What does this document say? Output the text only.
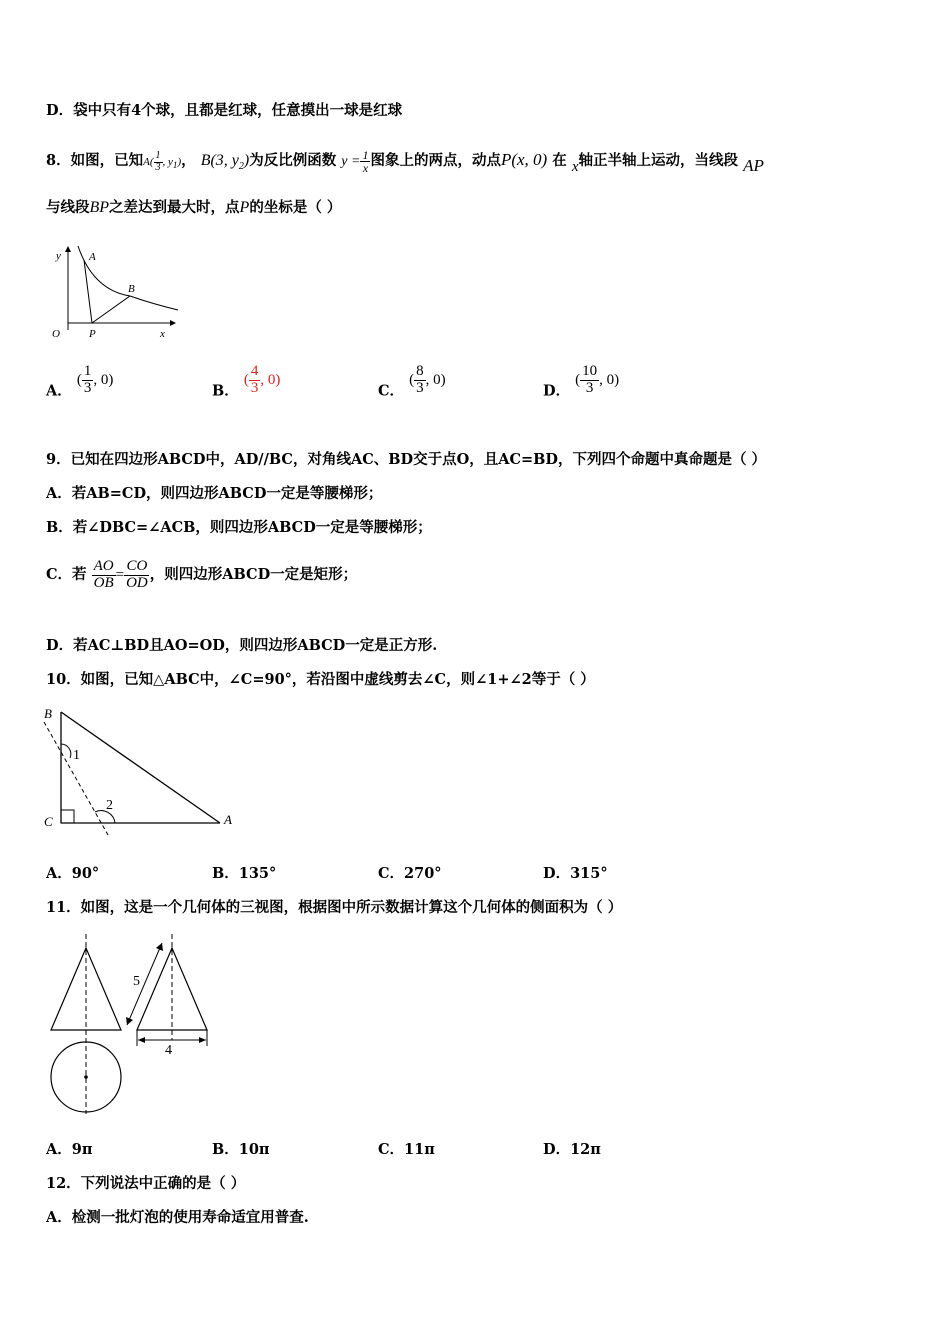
D．袋中只有4个球，且都是红球，任意摸出一球是红球
8．如图，已知$A( \frac{1}{3}$ , $y_1$)， B(3, $y_2$)为反比例函数 $y = \frac{1}{x}$ 图象上的两点，动点P(x, 0) 在 x轴正半轴上运动，当线段 AP
与线段BP之差达到最大时，点P的坐标是（ ）
y	A
B
O	P	x
A． ( $\frac{1}{3}$ , 0)
B． ( $\frac{4}{3}$ , 0)
C． ( $\frac{8}{3}$ , 0)
D． ( $\frac{10}{3}$ , 0)
9．已知在四边形ABCD中，AD//BC，对角线AC、BD交于点O，且AC=BD，下列四个命题中真命题是（ ）
A．若AB=CD，则四边形ABCD一定是等腰梯形；
B．若∠DBC=∠ACB，则四边形ABCD一定是等腰梯形；
C．若 $\frac{AO}{OB} = \frac{CO}{OD}$ ，则四边形ABCD一定是矩形；
D．若AC⊥BD且AO=OD，则四边形ABCD一定是正方形.
10．如图，已知△ABC中，∠C=90°，若沿图中虚线剪去∠C，则∠1+∠2等于（ ）
B
C	A
1
2
A．90°	B．135°	C．270°	D．315°
11．如图，这是一个几何体的三视图，根据图中所示数据计算这个几何体的侧面积为（ ）
5
4
A．9π	B．10π	C．11π	D．12π
12．下列说法中正确的是（ ）
A．检测一批灯泡的使用寿命适宜用普查.
